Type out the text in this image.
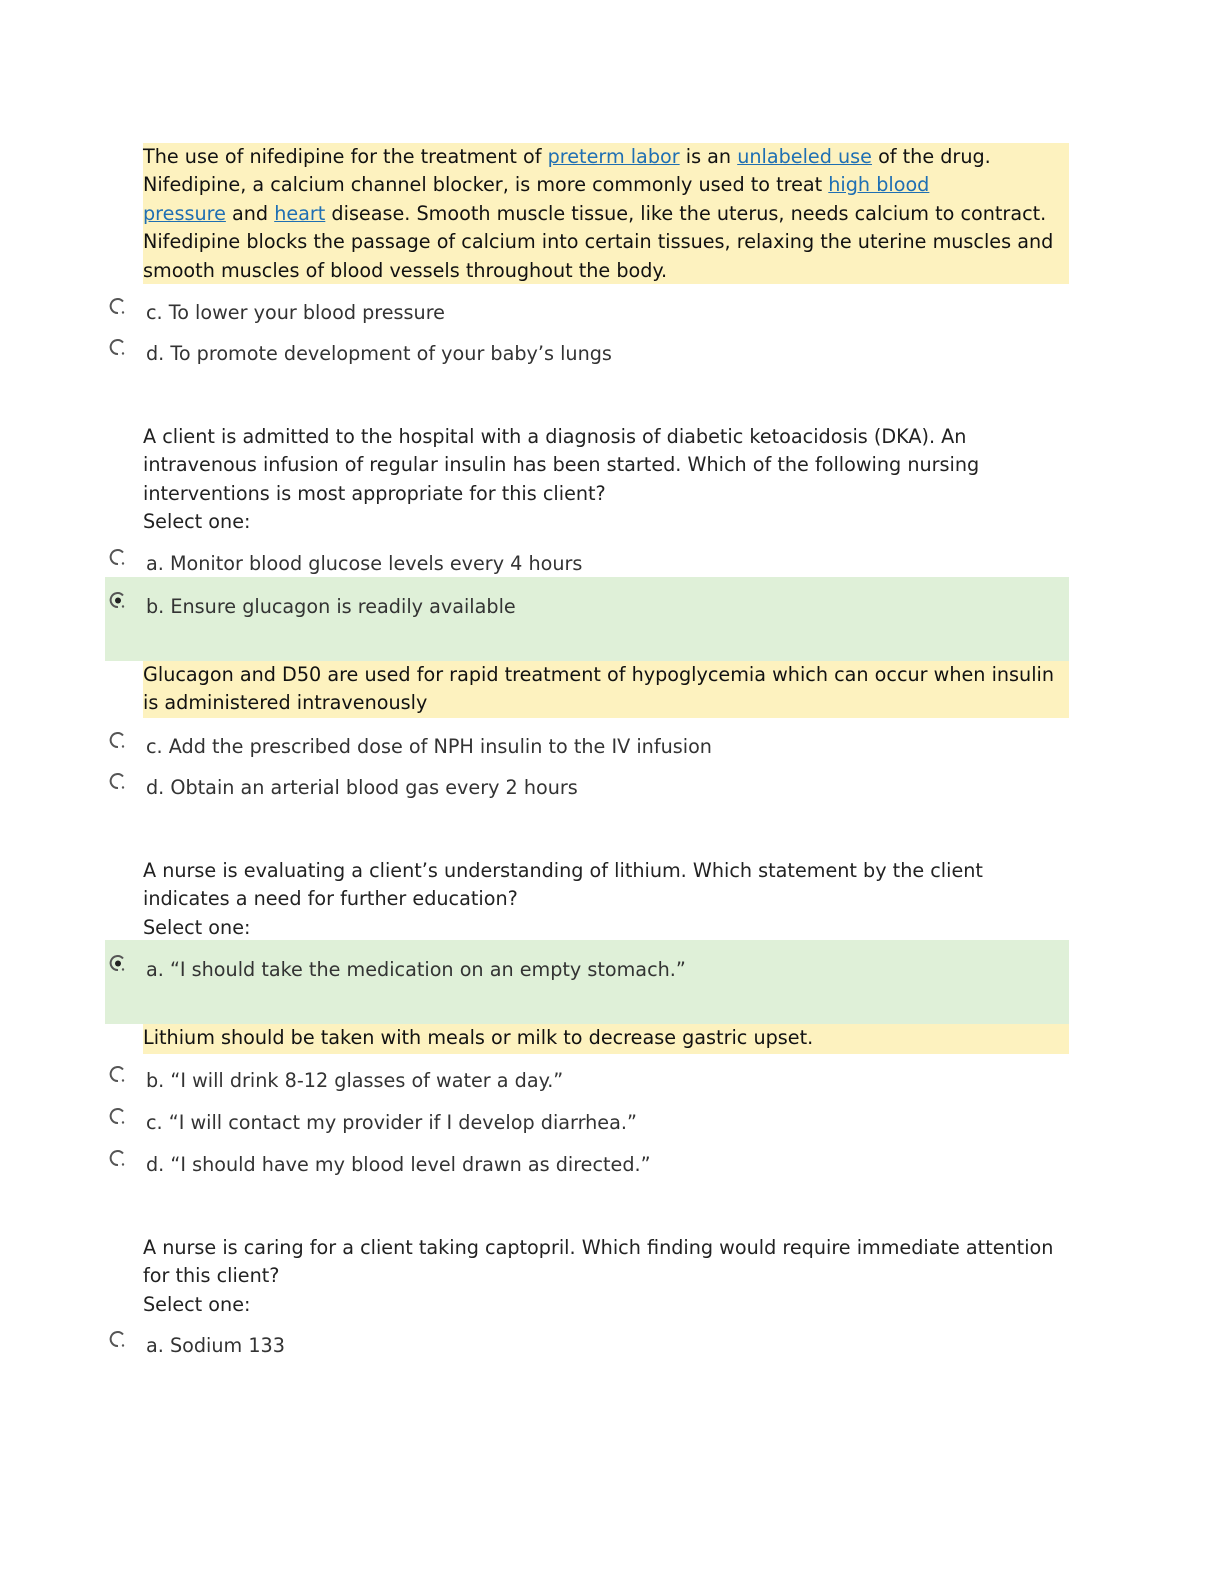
The use of nifedipine for the treatment of preterm labor is an unlabeled use of the drug.
Nifedipine, a calcium channel blocker, is more commonly used to treat high blood
pressure and heart disease. Smooth muscle tissue, like the uterus, needs calcium to contract.
Nifedipine blocks the passage of calcium into certain tissues, relaxing the uterine muscles and
smooth muscles of blood vessels throughout the body.
c. To lower your blood pressure
d. To promote development of your baby’s lungs
A client is admitted to the hospital with a diagnosis of diabetic ketoacidosis (DKA). An
intravenous infusion of regular insulin has been started. Which of the following nursing
interventions is most appropriate for this client?
Select one:
a. Monitor blood glucose levels every 4 hours
b. Ensure glucagon is readily available
Glucagon and D50 are used for rapid treatment of hypoglycemia which can occur when insulin
is administered intravenously
c. Add the prescribed dose of NPH insulin to the IV infusion
d. Obtain an arterial blood gas every 2 hours
A nurse is evaluating a client’s understanding of lithium. Which statement by the client
indicates a need for further education?
Select one:
a. “I should take the medication on an empty stomach.”
Lithium should be taken with meals or milk to decrease gastric upset.
b. “I will drink 8-12 glasses of water a day.”
c. “I will contact my provider if I develop diarrhea.”
d. “I should have my blood level drawn as directed.”
A nurse is caring for a client taking captopril. Which finding would require immediate attention
for this client?
Select one:
a. Sodium 133
